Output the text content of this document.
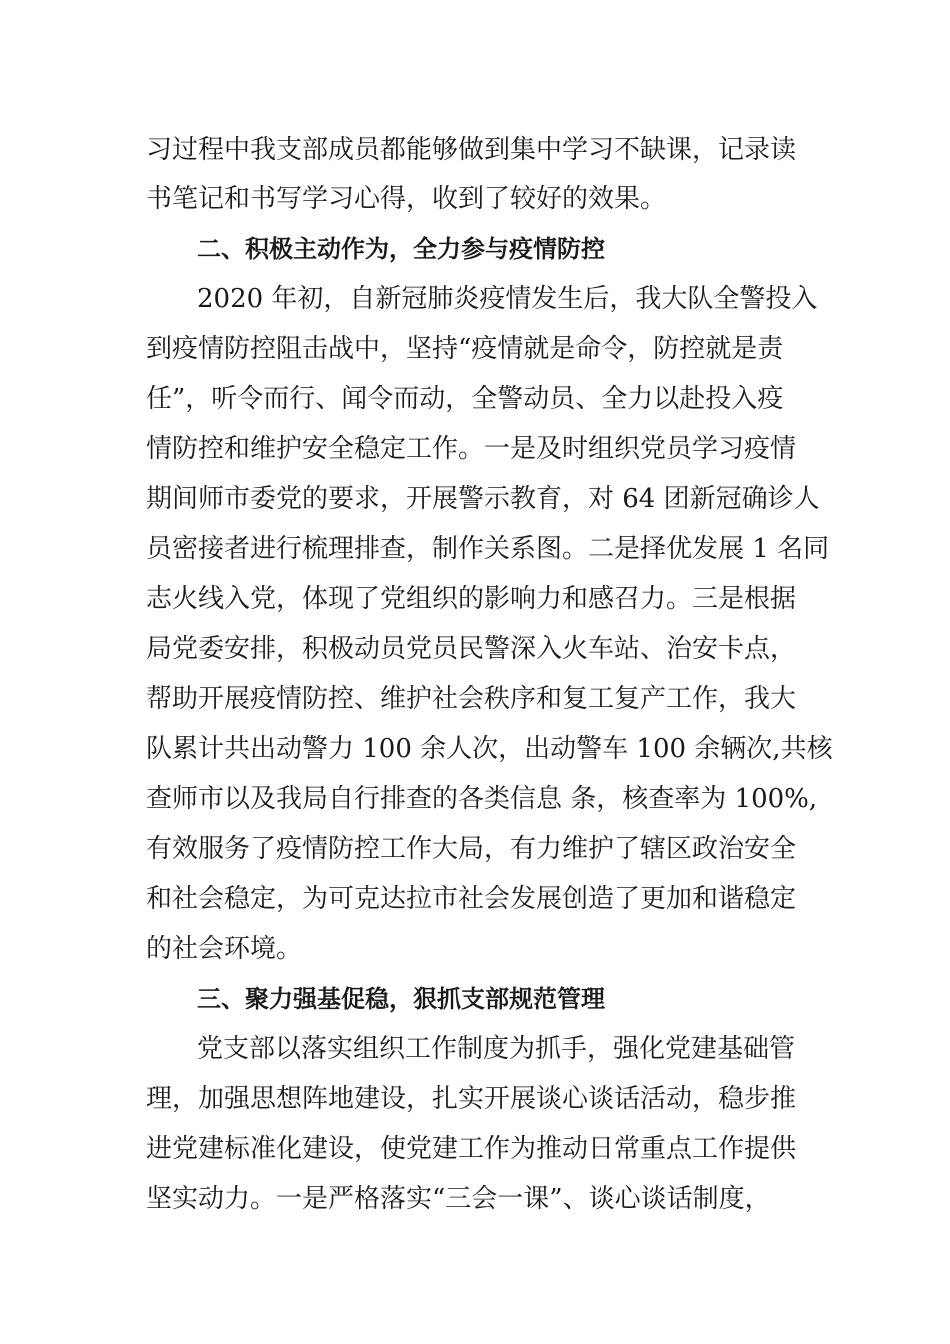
习过程中我支部成员都能够做到集中学习不缺课，记录读
书笔记和书写学习心得，收到了较好的效果。
二、积极主动作为，全力参与疫情防控
2020 年初，自新冠肺炎疫情发生后，我大队全警投入
到疫情防控阻击战中，坚持“疫情就是命令，防控就是责
任”，听令而行、闻令而动，全警动员、全力以赴投入疫
情防控和维护安全稳定工作。一是及时组织党员学习疫情
期间师市委党的要求，开展警示教育，对 64 团新冠确诊人
员密接者进行梳理排查，制作关系图。二是择优发展 1 名同
志火线入党，体现了党组织的影响力和感召力。三是根据
局党委安排，积极动员党员民警深入火车站、治安卡点，
帮助开展疫情防控、维护社会秩序和复工复产工作，我大
队累计共出动警力 100 余人次，出动警车 100 余辆次,共核
查师市以及我局自行排查的各类信息 条，核查率为 100%,
有效服务了疫情防控工作大局，有力维护了辖区政治安全
和社会稳定，为可克达拉市社会发展创造了更加和谐稳定
的社会环境。
三、聚力强基促稳，狠抓支部规范管理
党支部以落实组织工作制度为抓手，强化党建基础管
理，加强思想阵地建设，扎实开展谈心谈话活动，稳步推
进党建标准化建设，使党建工作为推动日常重点工作提供
坚实动力。一是严格落实“三会一课”、谈心谈话制度，
